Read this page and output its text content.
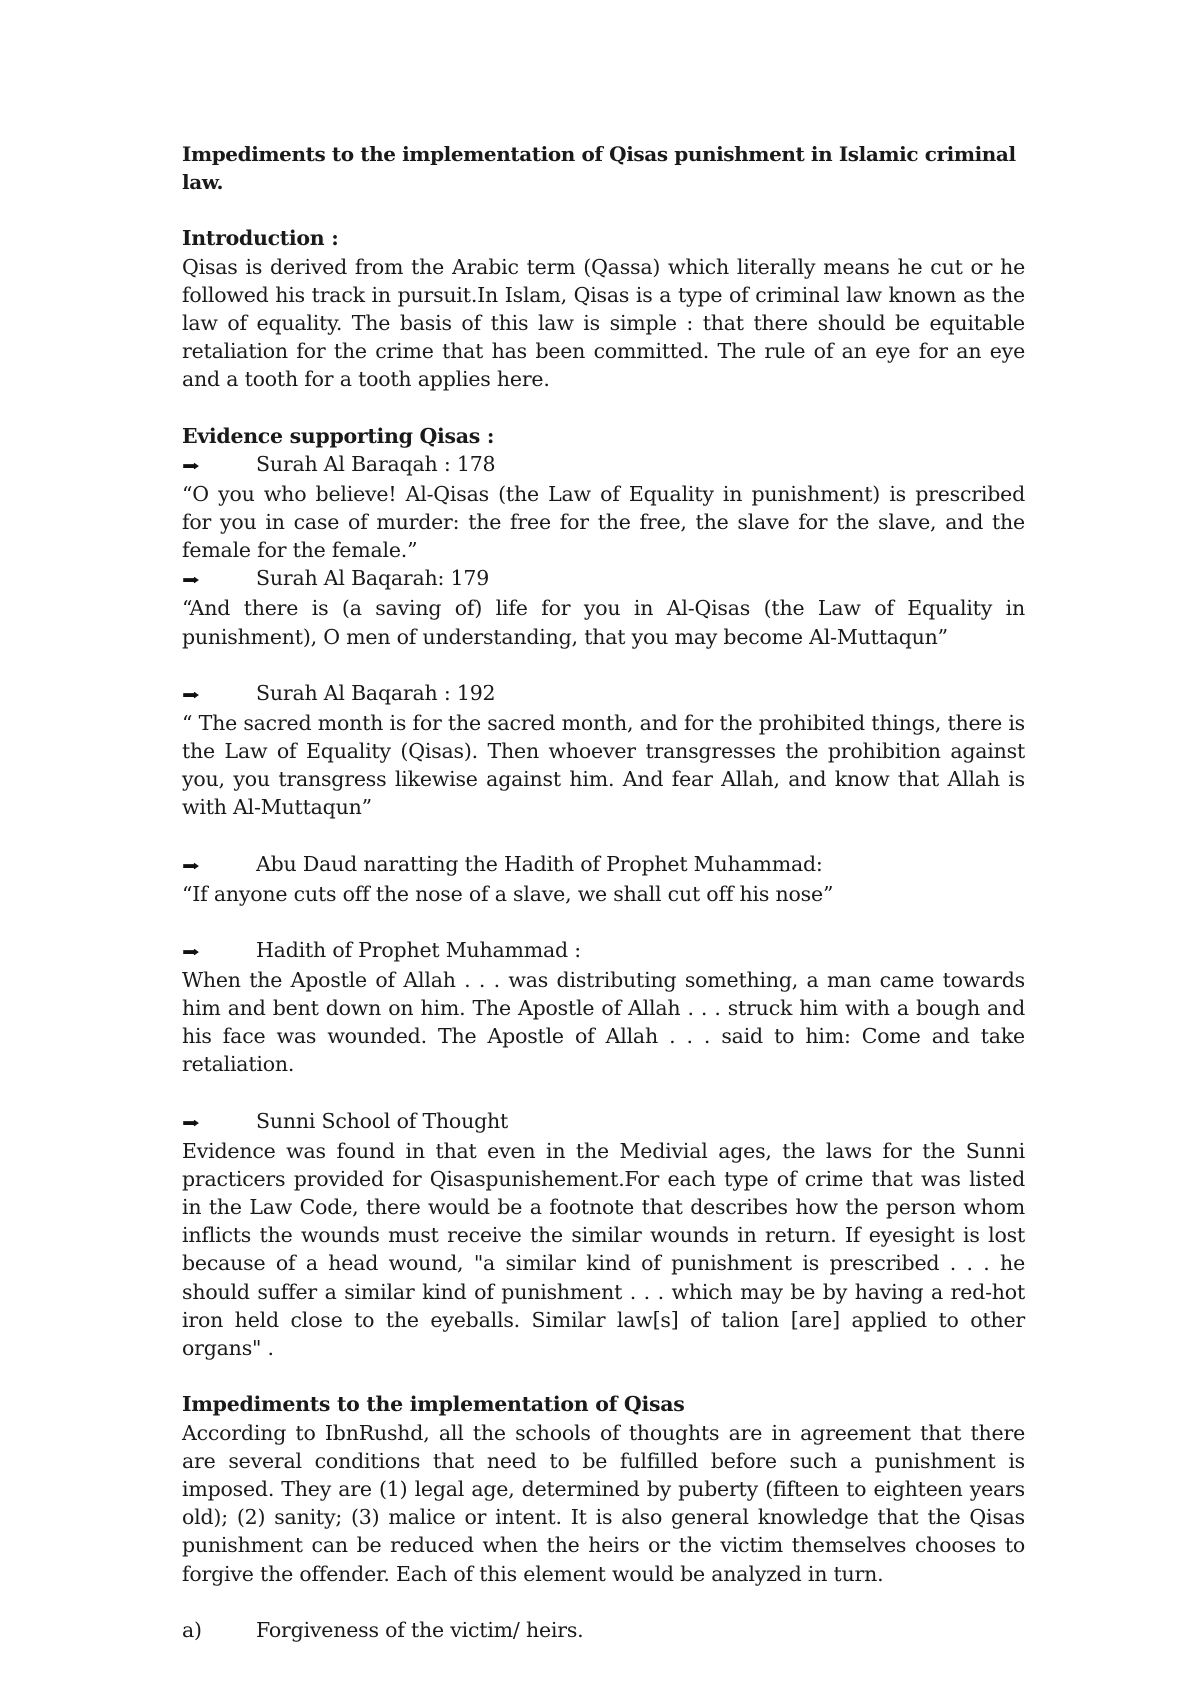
Impediments to the implementation of Qisas punishment in Islamic criminal law.

Introduction :

Qisas is derived from the Arabic term (Qassa) which literally means he cut or he followed his track in pursuit.In Islam, Qisas is a type of criminal law known as the law of equality. The basis of this law is simple : that there should be equitable retaliation for the crime that has been committed. The rule of an eye for an eye and a tooth for a tooth applies here.

Evidence supporting Qisas :

➡	Surah Al Baraqah : 178

“O you who believe! Al-Qisas (the Law of Equality in punishment) is prescribed for you in case of murder: the free for the free, the slave for the slave, and the female for the female.”

➡	Surah Al Baqarah: 179

“And there is (a saving of) life for you in Al-Qisas (the Law of Equality in punishment), O men of understanding, that you may become Al-Muttaqun”

➡	Surah Al Baqarah : 192

“ The sacred month is for the sacred month, and for the prohibited things, there is the Law of Equality (Qisas). Then whoever transgresses the prohibition against you, you transgress likewise against him. And fear Allah, and know that Allah is with Al-Muttaqun”

➡	Abu Daud naratting the Hadith of Prophet Muhammad:

“If anyone cuts off the nose of a slave, we shall cut off his nose”

➡	Hadith of Prophet Muhammad :

When the Apostle of Allah . . . was distributing something, a man came towards him and bent down on him. The Apostle of Allah . . . struck him with a bough and his face was wounded. The Apostle of Allah . . . said to him: Come and take retaliation.

➡	Sunni School of Thought

Evidence was found in that even in the Medivial ages, the laws for the Sunni practicers provided for Qisaspunishement.For each type of crime that was listed in the Law Code, there would be a footnote that describes how the person whom inflicts the wounds must receive the similar wounds in return. If eyesight is lost because of a head wound, "a similar kind of punishment is prescribed . . . he should suffer a similar kind of punishment . . . which may be by having a red-hot iron held close to the eyeballs. Similar law[s] of talion [are] applied to other organs" .

Impediments to the implementation of Qisas

According to IbnRushd, all the schools of thoughts are in agreement that there are several conditions that need to be fulfilled before such a punishment is imposed. They are (1) legal age, determined by puberty (fifteen to eighteen years old); (2) sanity; (3) malice or intent. It is also general knowledge that the Qisas punishment can be reduced when the heirs or the victim themselves chooses to forgive the offender. Each of this element would be analyzed in turn.

a)	Forgiveness of the victim/ heirs.
